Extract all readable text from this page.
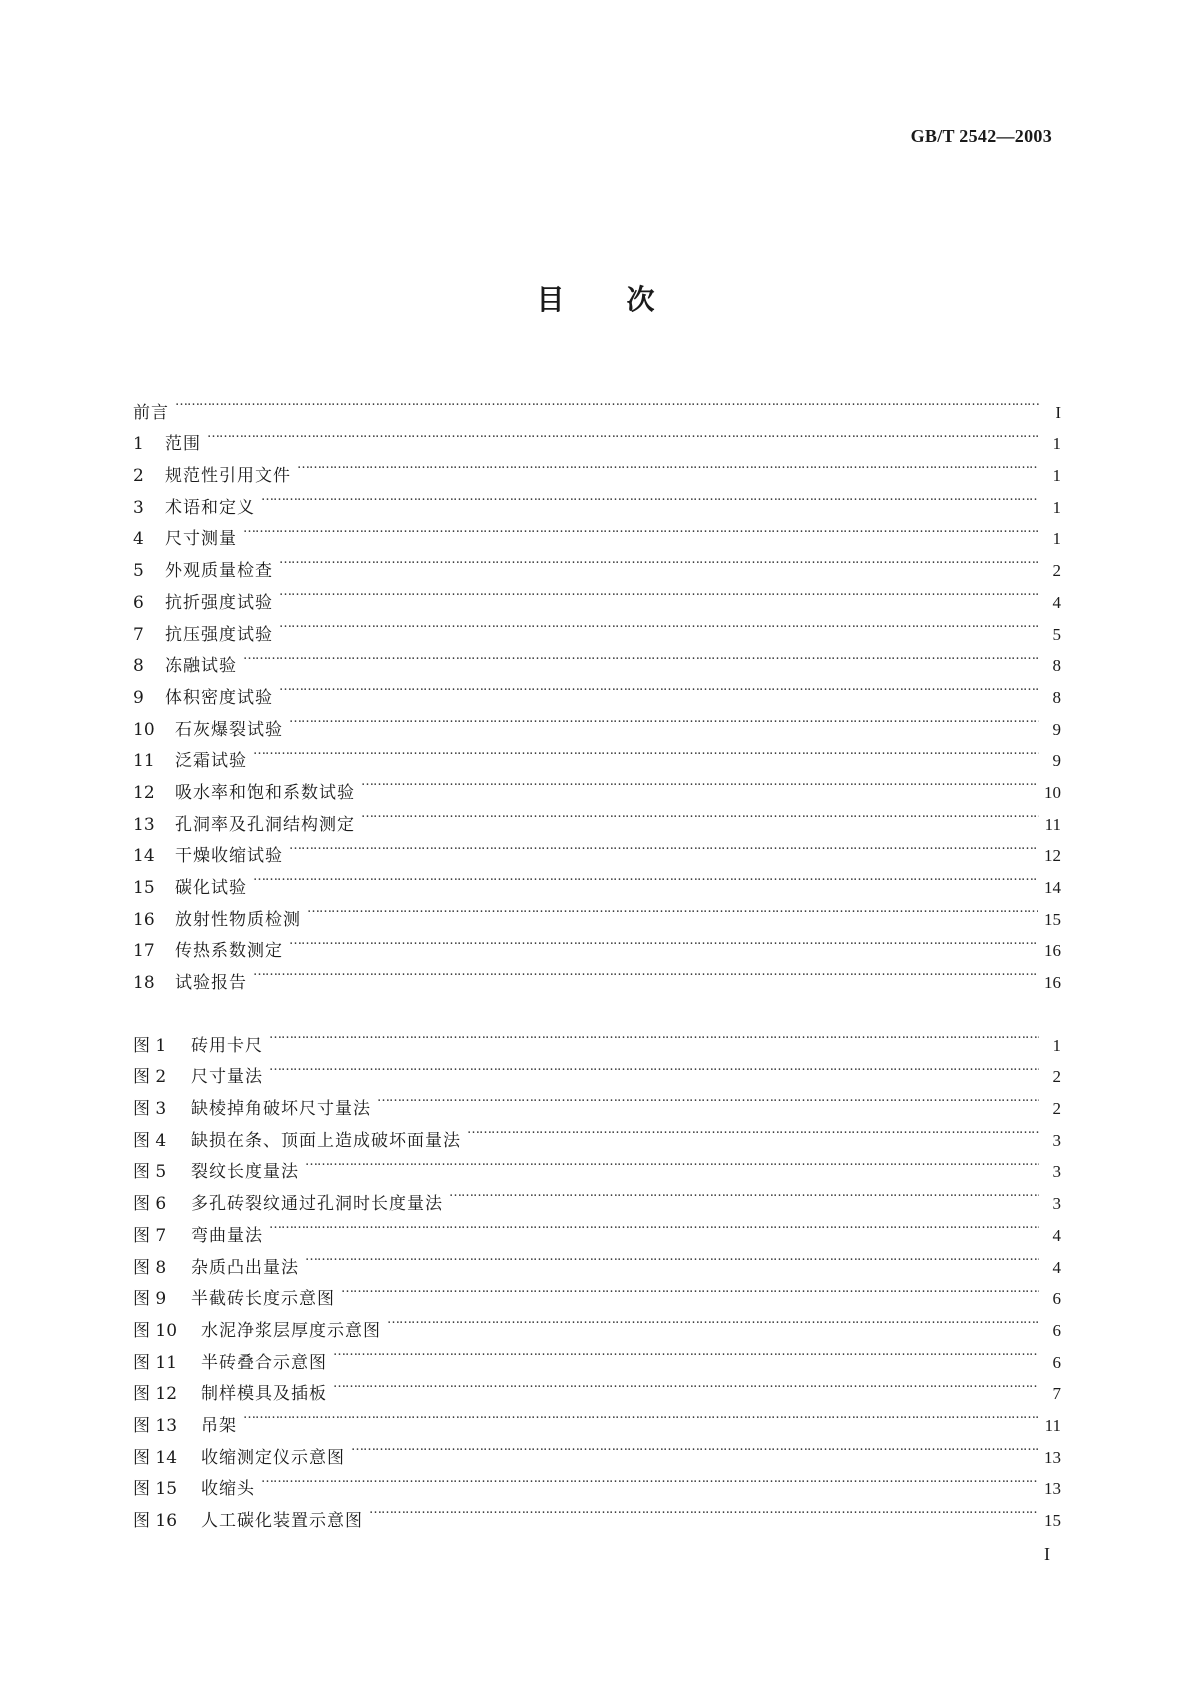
GB/T 2542—2003
目 次
前言 ……………………………………………………………………………………………………………………………………………………………………………………………………………………………………………	I
1	范围 ……………………………………………………………………………………………………………………………………………………………………………………………………………………………………………	1
2	规范性引用文件 ……………………………………………………………………………………………………………………………………………………………………………………………………………………………………………	1
3	术语和定义 ……………………………………………………………………………………………………………………………………………………………………………………………………………………………………………	1
4	尺寸测量 ……………………………………………………………………………………………………………………………………………………………………………………………………………………………………………	1
5	外观质量检查 ……………………………………………………………………………………………………………………………………………………………………………………………………………………………………………	2
6	抗折强度试验 ……………………………………………………………………………………………………………………………………………………………………………………………………………………………………………	4
7	抗压强度试验 ……………………………………………………………………………………………………………………………………………………………………………………………………………………………………………	5
8	冻融试验 ……………………………………………………………………………………………………………………………………………………………………………………………………………………………………………	8
9	体积密度试验 ……………………………………………………………………………………………………………………………………………………………………………………………………………………………………………	8
10	石灰爆裂试验 ……………………………………………………………………………………………………………………………………………………………………………………………………………………………………………	9
11	泛霜试验 ……………………………………………………………………………………………………………………………………………………………………………………………………………………………………………	9
12	吸水率和饱和系数试验 ……………………………………………………………………………………………………………………………………………………………………………………………………………………………………………	10
13	孔洞率及孔洞结构测定 ……………………………………………………………………………………………………………………………………………………………………………………………………………………………………………	11
14	干燥收缩试验 ……………………………………………………………………………………………………………………………………………………………………………………………………………………………………………	12
15	碳化试验 ……………………………………………………………………………………………………………………………………………………………………………………………………………………………………………	14
16	放射性物质检测 ……………………………………………………………………………………………………………………………………………………………………………………………………………………………………………	15
17	传热系数测定 ……………………………………………………………………………………………………………………………………………………………………………………………………………………………………………	16
18	试验报告 ……………………………………………………………………………………………………………………………………………………………………………………………………………………………………………	16
图 1	砖用卡尺 ……………………………………………………………………………………………………………………………………………………………………………………………………………………………………………	1
图 2	尺寸量法 ……………………………………………………………………………………………………………………………………………………………………………………………………………………………………………	2
图 3	缺棱掉角破坏尺寸量法 ……………………………………………………………………………………………………………………………………………………………………………………………………………………………………………	2
图 4	缺损在条、顶面上造成破坏面量法 ……………………………………………………………………………………………………………………………………………………………………………………………………………………………………………	3
图 5	裂纹长度量法 ……………………………………………………………………………………………………………………………………………………………………………………………………………………………………………	3
图 6	多孔砖裂纹通过孔洞时长度量法 ……………………………………………………………………………………………………………………………………………………………………………………………………………………………………………	3
图 7	弯曲量法 ……………………………………………………………………………………………………………………………………………………………………………………………………………………………………………	4
图 8	杂质凸出量法 ……………………………………………………………………………………………………………………………………………………………………………………………………………………………………………	4
图 9	半截砖长度示意图 ……………………………………………………………………………………………………………………………………………………………………………………………………………………………………………	6
图 10	水泥净浆层厚度示意图 ……………………………………………………………………………………………………………………………………………………………………………………………………………………………………………	6
图 11	半砖叠合示意图 ……………………………………………………………………………………………………………………………………………………………………………………………………………………………………………	6
图 12	制样模具及插板 ……………………………………………………………………………………………………………………………………………………………………………………………………………………………………………	7
图 13	吊架 ……………………………………………………………………………………………………………………………………………………………………………………………………………………………………………	11
图 14	收缩测定仪示意图 ……………………………………………………………………………………………………………………………………………………………………………………………………………………………………………	13
图 15	收缩头 ……………………………………………………………………………………………………………………………………………………………………………………………………………………………………………	13
图 16	人工碳化装置示意图 ……………………………………………………………………………………………………………………………………………………………………………………………………………………………………………	15
I
